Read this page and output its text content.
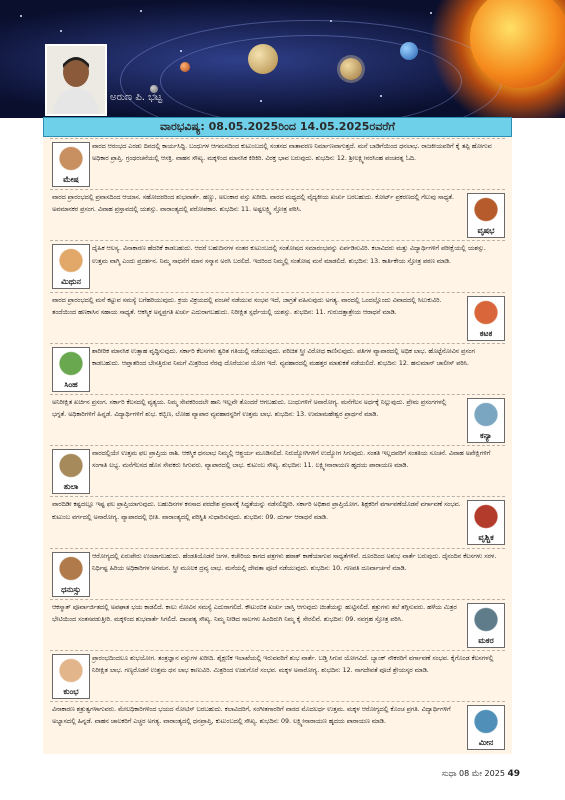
ಅರುಣ ಪಿ. ಭಟ್ಟ
ವಾರಭವಿಷ್ಯ: 08.05.2025ರಿಂದ 14.05.2025ರವರೆಗೆ
ಮೇಷ
ವಾರದ ಆರಂಭದ ಎರಡು ದಿನದಲ್ಲಿ ಕಾರ್ಯಸಿದ್ಧಿ. ಬಂಧುಗಳ ಆಗಮನದಿಂದ ಕುಟುಂಬದಲ್ಲಿ ಸಂತಸದ ವಾತಾವರಣ ನಿರ್ಮಾಣವಾಗುತ್ತದೆ. ಮನೆ ಬಾಡಿಗೆಯಿಂದ ಧನಲಾಭ. ರಾಜಕೀಯವರಿಗೆ ಕೈ ತಪ್ಪಿ ಹೋಗುವ ಅಧಿಕಾರ ಪ್ರಾಪ್ತಿ. ಗ್ರಂಥರಚನೆಯಲ್ಲಿ ಆಸಕ್ತಿ. ವಾಹನ ಸೌಖ್ಯ. ಮಕ್ಕಳಿಂದ ಮಾನಸಿಕ ಕಿರಿಕಿರಿ. ವಿರಕ್ತ ಭಾವ ಬರುವುದು. ಶುಭದಿನ: 12. ಶ್ರೀಲಕ್ಷ್ಮೀನರಸಿಂಹ ಪಂಚರತ್ನ ಓದಿ.
ವೃಷಭ
ವಾರದ ಪ್ರಾರಂಭದಲ್ಲಿ ಪ್ರವಾಸದಿಂದ ಆಯಾಸ. ಸಹೋದರರಿಂದ ಶುಭವಾರ್ತೆ. ಹಣ್ಣು, ಅಲಂಕಾರ ವಸ್ತು ಖರೀದಿ. ವಾರದ ಮಧ್ಯದಲ್ಲಿ ವೈದ್ಯಕೀಯ ಖರ್ಚು ಬರಬಹುದು. ಕೋರ್ಟ್ ಪ್ರಕರಣದಲ್ಲಿ ಗೆಲುವು ಸಾಧ್ಯತೆ. ಅವಮಾನಕರ ಪ್ರಸಂಗ. ವಿವಾಹ ಪ್ರಸ್ತಾವದಲ್ಲಿ ಯಶಸ್ಸು. ವಾರಾಂತ್ಯದಲ್ಲಿ ಪರೋಪಕಾರ. ಶುಭದಿನ: 11. ಅಷ್ಟಲಕ್ಷ್ಮಿ ಸ್ತೋತ್ರ ಪಠಿಸಿ.
ಮಿಥುನ
ದೈಹಿಕ ಆಲಸ್ಯ. ವಿನಾಕಾರಣ ಹೆದರಿಕೆ ಕಾಡಬಹುದು. ಆದರೆ ಬಹುದಿನಗಳ ನಂತರ ಕುಟುಂಬದಲ್ಲಿ ಸಂತೋಷದ ಸಮಾರಂಭವನ್ನು ಏರ್ಪಡಿಸುವಿರಿ. ಕಲಾವಿದರು ಮತ್ತು ವಿದ್ಯಾರ್ಥಿಗಳಿಗೆ ಪರೀಕ್ಷೆಯಲ್ಲಿ ಯಶಸ್ಸು. ಉತ್ತಮ ವಾಗ್ಮಿ ಎಂದು ಪ್ರದರ್ಶನ. ನಿಮ್ಮ ಸಾಧನೆಗೆ ಮಾನ ಸನ್ಮಾನ ಅರಸಿ ಬರಲಿದೆ. ಇದರಿಂದ ನಿಮ್ಮಲ್ಲಿ ಸಂತೋಷ ಮನೆ ಮಾಡಲಿದೆ. ಶುಭದಿನ: 13. ಕಾರ್ತಿಕೇಯ ಸ್ತೋತ್ರ ಪಠಣ ಮಾಡಿ.
ಕಟಕ
ವಾರದ ಪ್ರಾರಂಭದಲ್ಲಿ ಮನೆ ಕಟ್ಟುವ ಸಮಸ್ಯೆ ಬಗೆಹರಿಯುವುದು. ಕ್ರಯ ವಿಕ್ರಯದಲ್ಲಿ ವಂಚನೆ ನಡೆಯುವ ಸಂಭವ ಇದೆ, ಜಾಗ್ರತೆ ವಹಿಸುವುದು ಅಗತ್ಯ. ವಾರದಲ್ಲಿ ಒಂದಲ್ಲೊಂದು ವಿವಾದದಲ್ಲಿ ಸಿಲುಕುವಿರಿ. ತಂದೆಯಿಂದ ಹಣಕಾಸಿನ ಸಹಾಯ ಸಾಧ್ಯತೆ. ಆಕಸ್ಮಿಕ ಅನ್ನಪ್ರಗತಿ ಖರ್ಚು ಎದುರಾಗಬಹುದು. ನಿರೀಕ್ಷಿತ ಸ್ಪರ್ಧೆಯಲ್ಲಿ ಯಶಸ್ಸು. ಶುಭದಿನ: 11. ಗುರುದತ್ತಾತ್ರೇಯ ಆರಾಧನೆ ಮಾಡಿ.
ಸಿಂಹ
ಶಾರೀರಿಕ ಮಾನಸಿಕ ಉತ್ಸಾಹ ವೃದ್ಧಿಸುವುದು. ಸರ್ಕಾರಿ ಕೆಲಸಗಳು ತ್ವರಿತ ಗತಿಯಲ್ಲಿ ನಡೆಯುವುದು. ಪರಿಚಿತ ಸ್ತ್ರೀ ವಿರೋಧ ಕಾಣಿಸುವುದು. ಪತಿಗಳ ವ್ಯಾಪಾರದಲ್ಲಿ ಅಧಿಕ ಲಾಭ. ಹೊಟ್ಟೆನೋವಿನ ಪ್ರಸಂಗ ಕಾಡಬಹುದು. ಆಪ್ತಾತರಿಂದ ಬೇಸತ್ತಿರುವ ನಿಮಗೆ ಮಿತ್ರರಿಂದ ನೆರವು ದೊರೆಯುವ ಯೋಗ ಇದೆ. ವ್ಯವಹಾರದಲ್ಲಿ ಮಹತ್ತರ ಮಾತುಕತೆ ನಡೆಯಲಿದೆ. ಶುಭದಿನ: 12. ಹನುಮಾನ್ ಚಾಲೀಸ್ ಪಠಿಸಿ.
ಕನ್ಯಾ
ಅನಿರೀಕ್ಷಿತ ಖರ್ಚಿನ ಪ್ರಸಂಗ. ಸರ್ಕಾರಿ ಕೆಲಸದಲ್ಲಿ ವ್ಯತ್ಯಯ. ನಿಮ್ಮ ಸೇವಕರಿಂದಲೇ ಹಾನಿ ಇಲ್ಲವೇ ತೊಂದರೆ ಆಗಬಹುದು. ಬಂಧುಗಳಿಗೆ ಅನಾರೋಗ್ಯ. ಮನೆಗೆಲಸ ಅರ್ಧಕ್ಕೆ ನಿಲ್ಲುವುದು. ಪ್ರೇಮ ಪ್ರಸಂಗಗಳಲ್ಲಿ ಭಗ್ನತೆ. ಅಧಿಕಾರಿಗಳಿಗೆ ಹಿನ್ನಡೆ. ವಿದ್ಯಾರ್ಥಿಗಳಿಗೆ ಶುಭ. ಕಬ್ಬಿಣ, ಲೋಹ ವ್ಯಾಪಾರ ವ್ಯವಹಾರಸ್ಥರಿಗೆ ಉತ್ತಮ ಲಾಭ. ಶುಭದಿನ: 13. ಉಮಾಮಹೇಶ್ವರ ಪ್ರಾರ್ಥನೆ ಮಾಡಿ.
ತುಲಾ
ವಾರದಲ್ಲಿಯೇ ಉತ್ತಮ ಫಲ ಪ್ರಾಪ್ತಿಯ ರಾಶಿ. ಆಕಸ್ಮಿಕ ಧನಲಾಭ ನಿಮ್ಮಲ್ಲಿ ಆಶ್ಚರ್ಯ ಮೂಡಿಸಲಿದೆ. ನಿರುದ್ಯೋಗಿಗಳಿಗೆ ಉದ್ಯೋಗ ಸಿಗುವುದು. ಸಂತತಿ ಇಲ್ಲದವರಿಗೆ ಸಂತತಿಯ ಸೂಚನೆ. ವಿವಾಹ ಅಪೇಕ್ಷಿಗಳಿಗೆ ಸಂಗಾತಿ ಲಭ್ಯ. ಮನೆಗೆಲಸದ ಹೊಸ ಸೇವಕರು ಸಿಗುವರು. ವ್ಯಾಪಾರದಲ್ಲಿ ಲಾಭ. ಕುಟುಂಬ ಸೌಖ್ಯ. ಶುಭದಿನ: 11. ಲಕ್ಷ್ಮೀನಾರಾಯಣ ಹೃದಯ ಪಾರಾಯಣ ಮಾಡಿ.
ವೃಶ್ಚಿಕ
ವಾರದಿಡೀ ಕಷ್ಟದಲ್ಲೂ ಇಷ್ಟ ಫಲ ಪ್ರಾಪ್ತಿಯಾಗುವುದು. ಬಹುದಿನಗಳ ಕನಸಾದ ಪರದೇಶ ಪ್ರವಾಸಕ್ಕೆ ಸಿದ್ಧತೆಯನ್ನು ನಡೆಸಲಿದ್ದೀರಿ. ಸರ್ಕಾರಿ ಅಧಿಕಾರ ಪ್ರಾಪ್ತಿಯೋಗ. ಶಿಕ್ಷಕರಿಗೆ ವರ್ಗಾವಣೆಯೊಡನೆ ವರ್ಗಾವಣೆ ಸಂಭವ. ಕುಟುಂಬ ವರ್ಗದಲ್ಲಿ ಅನಾರೋಗ್ಯ. ವ್ಯಾಪಾರದಲ್ಲಿ ಭೀತಿ. ವಾರಾಂತ್ಯದಲ್ಲಿ ಪರಿಸ್ಥಿತಿ ಸುಧಾರಿಸುವುದು. ಶುಭದಿನ: 09. ದುರ್ಗಾ ಆರಾಧನೆ ಮಾಡಿ.
ಧನುಸ್ಸು
ಆರೋಗ್ಯದಲ್ಲಿ ಏರುಪೇರು ಉಂಟಾಗಬಹುದು. ಹೆಂಡತಿಯೊಡನೆ ಜಗಳ. ಕಚೇರಿಯ ಕಾಗದ ಪತ್ರಗಳು ಹಠಾತ್ ಕಾಣೆಯಾಗುವ ಸಾಧ್ಯತೆಗಳಿವೆ. ದೂರದಿಂದ ಅಶುಭ ವಾರ್ತೆ ಬರುವುದು. ದೈನಂದಿನ ಕೆಲಸಗಳು ಸರಳ. ನಿರ್ಧಿಷ್ಟ ಹಿರಿಯ ಅಧಿಕಾರಿಗಳ ಅಗಮನ. ಸ್ತ್ರೀ ಮೂಲಕ ದ್ರವ್ಯ ಲಾಭ. ಮನೆಯಲ್ಲಿ ದೇವತಾ ಪೂಜೆ ನಡೆಯುವುದು. ಶುಭದಿನ: 10. ಗಣಪತಿ ದೂರ್ವಾರ್ಚನೆ ಮಾಡಿ.
ಮಕರ
ಆಕಸ್ಮಾತ್ ಪೂರ್ವಾರ್ಜಿತದಲ್ಲಿ ಅಪಘಾತ ಭಯ ಕಾಡಲಿದೆ. ಕಾಲು ನೋವಿನ ಸಮಸ್ಯೆ ಎದುರಾಗಲಿದೆ. ಕೌಟುಂಬಿಕ ಖರ್ಚು ಜಾಸ್ತಿ ಆಗುವುದು ಚಿಂತೆಯನ್ನು ಹುಟ್ಟಿಸಲಿದೆ. ಶತ್ರುಗಳು ತಲೆ ತಗ್ಗಿಸುವರು. ಹಳೆಯ ಮಿತ್ರರ ಭೇಟಿಯಿಂದ ಸಂತಸಪಡುತ್ತೀರಿ. ಮಕ್ಕಳಿಂದ ಶುಭವಾರ್ತೆ ಸಿಗಲಿದೆ. ದಾಂಪತ್ಯ ಸೌಖ್ಯ. ನಿಮ್ಮ ನೀಡಿದ ಸಾಲಗಳು ಹಿಂದಿರುಗಿ ನಿಮ್ಮ ಕೈ ಸೇರಲಿವೆ. ಶುಭದಿನ: 09. ನವಗ್ರಹ ಸ್ತೋತ್ರ ಪಠಿಸಿ.
ಕುಂಭ
ಪ್ರಾರಂಭದಿಂದಲೂ ಶುಭಯೋಗ. ತಂತ್ರಜ್ಞಾನ ವಸ್ತುಗಳ ಖರೀದಿ. ಶೈಕ್ಷಣಿಕ ಇಲಾಖೆಯಲ್ಲಿ ಇರುವವರಿಗೆ ಶುಭ ವಾರ್ತೆ. ಬಡ್ತಿ ಸಿಗುವ ಯೋಗವಿದೆ. ಬ್ಯಾಂಕ್ ನೌಕರರಿಗೆ ವರ್ಗಾವಣೆ ಸಂಭವ. ಕೈಗೊಂಡ ಕೆಲಸಗಳಲ್ಲಿ ನಿರೀಕ್ಷಿತ ಲಾಭ. ಗಣ್ಯರೊಡನೆ ಉತ್ತಮ ಧನ ಲಾಭ ಕಾಣುವಿರಿ. ಮಿತ್ರರಿಂದ ಉಡುಗೊರೆ ಸಂಭವ. ಮಕ್ಕಳ ಅನಾರೋಗ್ಯ. ಶುಭದಿನ: 12. ನಾಗದೇವತೆ ಪೂಜೆ ಶ್ರೇಯಸ್ಕರ ಮಾಡಿ.
ಮೀನ
ವಿನಾಕಾರಣ ಶತ್ರುತ್ವಗಳಾಗುವರು. ಮೇಲಧಿಕಾರಿಗಳಿಂದ ಭಯದ ನೋಟಿಸ್ ಬರಬಹುದು. ಕಲಾವಿದರಿಗೆ, ಸಂಗೀತಗಾರರಿಗೆ ವಾರದ ಮೊದಲರ್ಧ ಉತ್ತಮ. ಮಕ್ಕಳ ಆರೋಗ್ಯದಲ್ಲಿ ಕೊಂಚ ಪ್ರಗತಿ. ವಿದ್ಯಾರ್ಥಿಗಳಿಗೆ ಅಭ್ಯಾಸದಲ್ಲಿ ಹಿನ್ನಡೆ. ವಾಹನ ಚಾಲಕರಿಗೆ ಎಚ್ಚರ ಅಗತ್ಯ. ವಾರಾಂತ್ಯದಲ್ಲಿ ಧನಪ್ರಾಪ್ತಿ, ಕುಟುಂಬದಲ್ಲಿ ಸೌಖ್ಯ. ಶುಭದಿನ: 09. ಲಕ್ಷ್ಮೀನಾರಾಯಣ ಹೃದಯ ಪಾರಾಯಣ ಮಾಡಿ.
ಸುಧಾ 08 ಮೇ 2025 49
